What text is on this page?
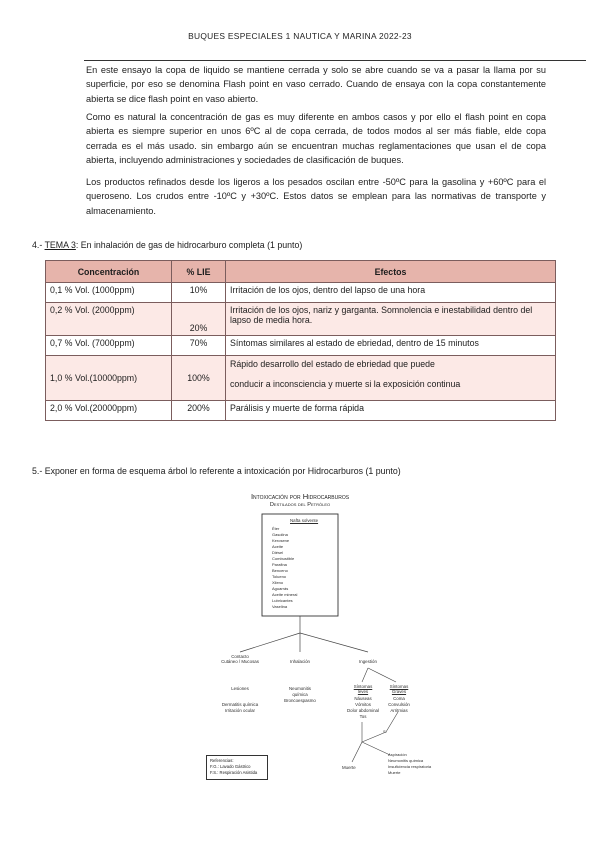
BUQUES ESPECIALES 1 NAUTICA Y MARINA 2022-23

En este ensayo la copa de liquido se mantiene cerrada y solo se abre cuando se va a pasar la llama por su superficie, por eso se denomina Flash point en vaso cerrado. Cuando de ensaya con la copa constantemente abierta se dice flash point en vaso abierto.

Como es natural la concentración de gas es muy diferente en ambos casos y por ello el flash point en copa abierta es siempre superior en unos 6ºC al de copa cerrada, de todos modos al ser más fiable, elde copa cerrada es el más usado. sin embargo aún se encuentran muchas reglamentaciones que usan el de copa abierta, incluyendo administraciones y sociedades de clasificación de buques.

Los productos refinados desde los ligeros a los pesados oscilan entre -50ºC para la gasolina y +60ºC para el queroseno. Los crudos entre -10ºC y +30ºC. Estos datos se emplean para las normativas de transporte y almacenamiento.

4.- TEMA 3: En inhalación de gas de hidrocarburo completa (1 punto)

Concentración	% LIE	Efectos
0,1 % Vol. (1000ppm)	10%	Irritación de los ojos, dentro del lapso de una hora
0,2 % Vol. (2000ppm)	20%	Irritación de los ojos, nariz y garganta. Somnolencia e inestabilidad dentro del lapso de media hora.
0,7 % Vol. (7000ppm)	70%	Síntomas similares al estado de ebriedad, dentro de 15 minutos
1,0 % Vol.(10000ppm)	100%	Rápido desarrollo del estado de ebriedad que puede
conducir a inconsciencia y muerte si la exposición continua

2,0 % Vol.(20000ppm)	200%	Parálisis y muerte de forma rápida

5.- Exponer en forma de esquema árbol lo referente a intoxicación por Hidrocarburos (1 punto)

Intoxicación por Hidrocarburos
Destilados del Petróleo
Nafta solvente
Éter
Gasolina
Kerosene
Aceite
Diésel
Combustible
Parafina
Benceno
Tolueno
Xileno
Aguarrás
Aceite mineral
Lubricantes
Vaselina
Contacto
Cutáneo / Mucosas	Inhalación	Ingestión
Lesiones
Dermatitis química
Irritación ocular
Neumonitis
química
Broncoespasmo
Síntomas
leves
Náuseas
Vómitos
Dolor abdominal
Tos
Síntomas
Graves
Coma
Convulsión
Arritmias
S.
Aspiración
Neumonitis química
Insuficiencia respiratoria
Muerte
Muerte
Referencias:
F.G.: Lavado Gástrico
F.S.: Respiración Asistida
